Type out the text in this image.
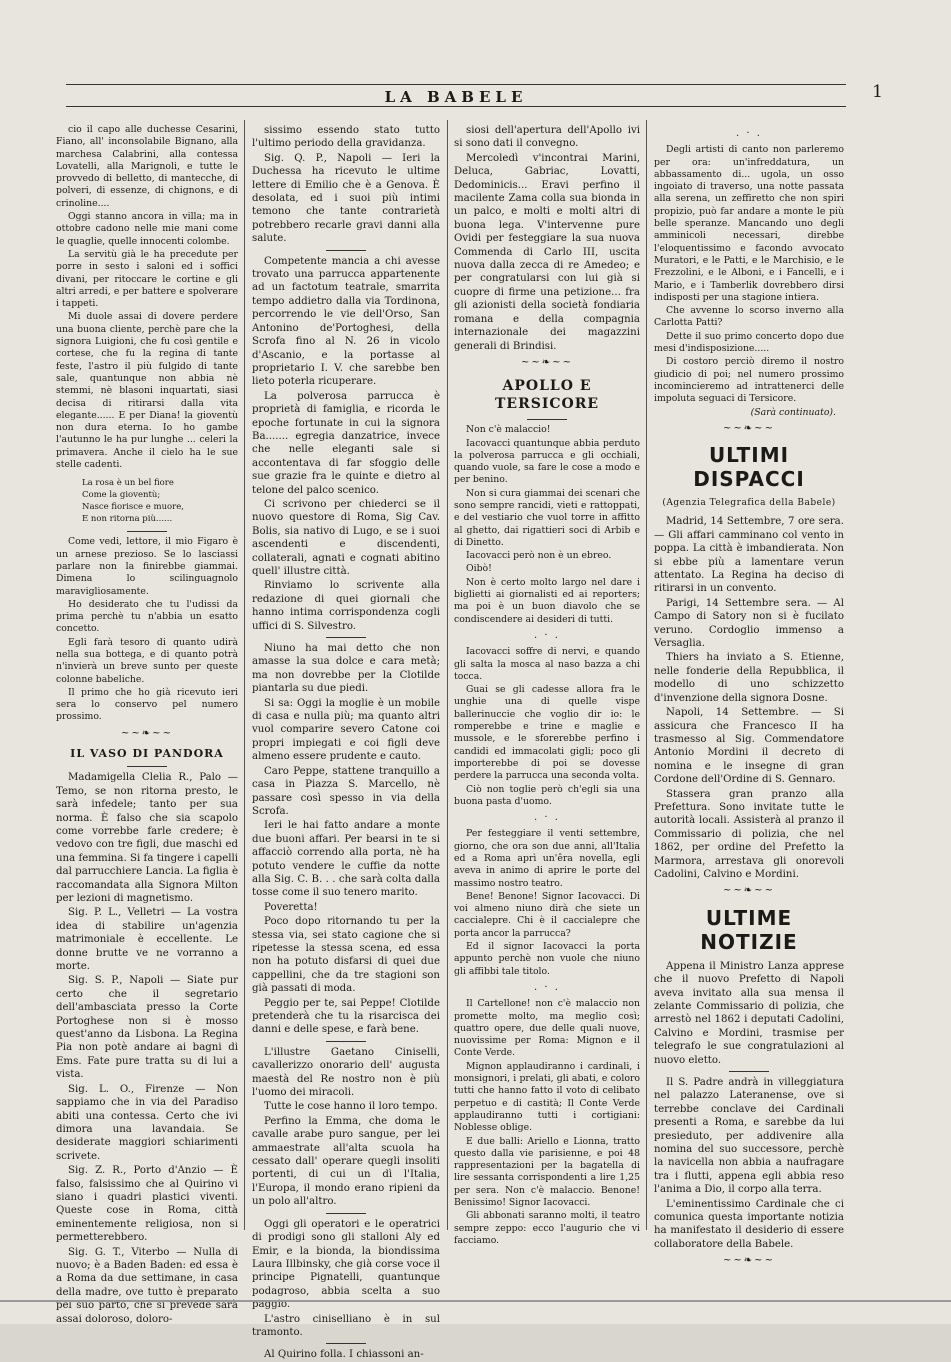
LA BABELE	1

cio il capo alle duchesse Cesarini, Fiano, all' inconsolabile Bignano, alla marchesa Calabrini, alla contessa Lovatelli, alla Marignoli, e tutte le provvedo di belletto, di mantecche, di polveri, di essenze, di chignons, e di crinoline....

Oggi stanno ancora in villa; ma in ottobre cadono nelle mie mani come le quaglie, quelle innocenti colombe.

La servitù già le ha precedute per porre in sesto i saloni ed i soffici divani, per ritoccare le cortine e gli altri arredi, e per battere e spolverare i tappeti.

Mi duole assai di dovere perdere una buona cliente, perchè pare che la signora Luigioni, che fu così gentile e cortese, che fu la regina di tante feste, l'astro il più fulgido di tante sale, quantunque non abbia nè stemmi, nè blasoni inquartati, siasi decisa di ritirarsi dalla vita elegante...... E per Diana! la gioventù non dura eterna. Io ho gambe l'autunno le ha pur lunghe ... celeri la primavera. Anche il cielo ha le sue stelle cadenti.

La rosa è un bel fiore
Come la gioventù;
Nasce fiorisce e muore,
E non ritorna più......

Come vedi, lettore, il mio Figaro è un arnese prezioso. Se lo lasciassi parlare non la finirebbe giammai. Dimena lo scilinguagnolo maravigliosamente.

Ho desiderato che tu l'udissi da prima perchè tu n'abbia un esatto concetto.

Egli farà tesoro di quanto udirà nella sua bottega, e di quanto potrà n'invierà un breve sunto per queste colonne babeliche.

Il primo che ho già ricevuto ieri sera lo conservo pel numero prossimo.

~~❧~~
IL VASO DI PANDORA

Madamigella Clelia R., Palo — Temo, se non ritorna presto, le sarà infedele; tanto per sua norma. È falso che sia scapolo come vorrebbe farle credere; è vedovo con tre figli, due maschi ed una femmina. Si fa tingere i capelli dal parrucchiere Lancia. La figlia è raccomandata alla Signora Milton per lezioni di magnetismo.

Sig. P. L., Velletri — La vostra idea di stabilire un'agenzia matrimoniale è eccellente. Le donne brutte ve ne vorranno a morte.

Sig. S. P., Napoli — Siate pur certo che il segretario dell'ambasciata presso la Corte Portoghese non si è mosso quest'anno da Lisbona. La Regina Pia non potè andare ai bagni di Ems. Fate pure tratta su di lui a vista.

Sig. L. O., Firenze — Non sappiamo che in via del Paradiso abiti una contessa. Certo che ivi dimora una lavandaia. Se desiderate maggiori schiarimenti scrivete.

Sig. Z. R., Porto d'Anzio — È falso, falsissimo che al Quirino vi siano i quadri plastici viventi. Queste cose in Roma, città eminentemente religiosa, non si permetterebbero.

Sig. G. T., Viterbo — Nulla di nuovo; è a Baden Baden: ed essa è a Roma da due settimane, in casa della madre, ove tutto è preparato pel suo parto, che si prevede sarà assai doloroso, doloro-

sissimo essendo stato tutto l'ultimo periodo della gravidanza.

Sig. Q. P., Napoli — Ieri la Duchessa ha ricevuto le ultime lettere di Emilio che è a Genova. È desolata, ed i suoi più intimi temono che tante contrarietà potrebbero recarle gravi danni alla salute.

Competente mancia a chi avesse trovato una parrucca appartenente ad un factotum teatrale, smarrita tempo addietro dalla via Tordinona, percorrendo le vie dell'Orso, San Antonino de'Portoghesi, della Scrofa fino al N. 26 in vicolo d'Ascanio, e la portasse al proprietario I. V. che sarebbe ben lieto poterla ricuperare.

La polverosa parrucca è proprietà di famiglia, e ricorda le epoche fortunate in cui la signora Ba....... egregia danzatrice, invece che nelle eleganti sale si accontentava di far sfoggio delle sue grazie fra le quinte e dietro al telone del palco scenico.

Ci scrivono per chiederci se il nuovo questore di Roma, Sig Cav. Bolis, sia nativo di Lugo, e se i suoi ascendenti e discendenti, collaterali, agnati e cognati abitino quell' illustre città.

Rinviamo lo scrivente alla redazione di quei giornali che hanno intima corrispondenza cogli uffici di S. Silvestro.

Niuno ha mai detto che non amasse la sua dolce e cara metà; ma non dovrebbe per la Clotilde piantarla su due piedi.

Si sa: Oggi la moglie è un mobile di casa e nulla più; ma quanto altri vuol comparire severo Catone coi propri impiegati e coi figli deve almeno essere prudente e cauto.

Caro Peppe, stattene tranquillo a casa in Piazza S. Marcello, nè passare così spesso in via della Scrofa.

Ieri le hai fatto andare a monte due buoni affari. Per bearsi in te si affacciò correndo alla porta, nè ha potuto vendere le cuffie da notte alla Sig. C. B. . . che sarà colta dalla tosse come il suo tenero marito.

Poveretta!

Poco dopo ritornando tu per la stessa via, sei stato cagione che si ripetesse la stessa scena, ed essa non ha potuto disfarsi di quei due cappellini, che da tre stagioni son già passati di moda.

Peggio per te, sai Peppe! Clotilde pretenderà che tu la risarcisca dei danni e delle spese, e farà bene.

L'illustre Gaetano Ciniselli, cavallerizzo onorario dell' augusta maestà del Re nostro non è più l'uomo dei miracoli.

Tutte le cose hanno il loro tempo.

Perfino la Emma, che doma le cavalle arabe puro sangue, per lei ammaestrate all'alta scuola ha cessato dall' operare quegli insoliti portenti, di cui un dì l'Italia, l'Europa, il mondo erano ripieni da un polo all'altro.

Oggi gli operatori e le operatrici di prodigi sono gli stalloni Aly ed Emir, e la bionda, la biondissima Laura Illbinsky, che già corse voce il principe Pignatelli, quantunque podagroso, abbia scelta a suo paggio.

L'astro ciniselliano è in sul tramonto.

Al Quirino folla. I chiassoni an-

siosi dell'apertura dell'Apollo ivi si sono dati il convegno.

Mercoledì v'incontrai Marini, Deluca, Gabriac, Lovatti, Dedominicis... Eravi perfino il macilente Zama colla sua bionda in un palco, e molti e molti altri di buona lega. V'intervenne pure Ovidi per festeggiare la sua nuova Commenda di Carlo III, uscita nuova dalla zecca di re Amedeo; e per congratularsi con lui già si cuopre di firme una petizione... fra gli azionisti della società fondiaria romana e della compagnia internazionale dei magazzini generali di Brindisi.

~~❧~~
APOLLO E TERSICORE

Non c'è malaccio!

Iacovacci quantunque abbia perduto la polverosa parrucca e gli occhiali, quando vuole, sa fare le cose a modo e per benino.

Non si cura giammai dei scenari che sono sempre rancidi, vieti e rattoppati, e del vestiario che vuol torre in affitto al ghetto, dai rigattieri soci di Arbib e di Dinetto.

Iacovacci però non è un ebreo.

Oibò!

Non è certo molto largo nel dare i biglietti ai giornalisti ed ai reporters; ma poi è un buon diavolo che se condiscendere ai desideri di tutti.

. · .

Iacovacci soffre di nervi, e quando gli salta la mosca al naso bazza a chi tocca.

Guai se gli cadesse allora fra le unghie una di quelle vispe ballerinuccie che voglio dir io: le romperebbe e trine e maglie e mussole, e le sforerebbe perfino i candidi ed immacolati gigli; poco gli importerebbe di poi se dovesse perdere la parrucca una seconda volta.

Ciò non toglie però ch'egli sia una buona pasta d'uomo.

. · .

Per festeggiare il venti settembre, giorno, che ora son due anni, all'Italia ed a Roma aprì un'êra novella, egli aveva in animo di aprire le porte del massimo nostro teatro.

Bene! Benone! Signor Iacovacci. Di voi almeno niuno dirà che siete un caccialepre. Chi è il caccialepre che porta ancor la parrucca?

Ed il signor Iacovacci la porta appunto perchè non vuole che niuno gli affibbi tale titolo.

. · .

Il Cartellone! non c'è malaccio non promette molto, ma meglio così; quattro opere, due delle quali nuove, nuovissime per Roma: Mignon e il Conte Verde.

Mignon applaudiranno i cardinali, i monsignori, i prelati, gli abati, e coloro tutti che hanno fatto il voto di celibato perpetuo e di castità; Il Conte Verde applaudiranno tutti i cortigiani: Noblesse oblige.

E due balli: Ariello e Lionna, tratto questo dalla vie parisienne, e poi 48 rappresentazioni per la bagatella di lire sessanta corrispondenti a lire 1,25 per sera. Non c'è malaccio. Benone! Benissimo! Signor Iacovacci.

Gli abbonati saranno molti, il teatro sempre zeppo: ecco l'augurio che vi facciamo.

. · .

Degli artisti di canto non parleremo per ora: un'infreddatura, un abbassamento di... ugola, un osso ingoiato di traverso, una notte passata alla serena, un zeffiretto che non spiri propizio, può far andare a monte le più belle speranze. Mancando uno degli amminicoli necessari, direbbe l'eloquentissimo e facondo avvocato Muratori, e le Patti, e le Marchisio, e le Frezzolini, e le Alboni, e i Fancelli, e i Mario, e i Tamberlik dovrebbero dirsi indisposti per una stagione intiera.

Che avvenne lo scorso inverno alla Carlotta Patti?

Dette il suo primo concerto dopo due mesi d'indisposizione.....

Di costoro perciò diremo il nostro giudicio di poi; nel numero prossimo incomincieremo ad intrattenerci delle impoluta seguaci di Tersicore.

(Sarà continuato).
~~❧~~
ULTIMI DISPACCI
(Agenzia Telegrafica della Babele)

Madrid, 14 Settembre, 7 ore sera. — Gli affari camminano col vento in poppa. La città è imbandierata. Non si ebbe più a lamentare verun attentato. La Regina ha deciso di ritirarsi in un convento.

Parigi, 14 Settembre sera. — Al Campo di Satory non si è fucilato veruno. Cordoglio immenso a Versaglia.

Thiers ha inviato a S. Etienne, nelle fonderie della Repubblica, il modello di uno schizzetto d'invenzione della signora Dosne.

Napoli, 14 Settembre. — Si assicura che Francesco II ha trasmesso al Sig. Commendatore Antonio Mordini il decreto di nomina e le insegne di gran Cordone dell'Ordine di S. Gennaro.

Stassera gran pranzo alla Prefettura. Sono invitate tutte le autorità locali. Assisterà al pranzo il Commissario di polizia, che nel 1862, per ordine del Prefetto la Marmora, arrestava gli onorevoli Cadolini, Calvino e Mordini.

~~❧~~
ULTIME NOTIZIE

Appena il Ministro Lanza apprese che il nuovo Prefetto di Napoli aveva invitato alla sua mensa il zelante Commissario di polizia, che arrestò nel 1862 i deputati Cadolini, Calvino e Mordini, trasmise per telegrafo le sue congratulazioni al nuovo eletto.

Il S. Padre andrà in villeggiatura nel palazzo Lateranense, ove si terrebbe conclave dei Cardinali presenti a Roma, e sarebbe da lui presieduto, per addivenire alla nomina del suo successore, perchè la navicella non abbia a naufragare tra i flutti, appena egli abbia reso l'anima a Dio, il corpo alla terra.

L'eminentissimo Cardinale che ci comunica questa importante notizia ha manifestato il desiderio di essere collaboratore della Babele.

~~❧~~
